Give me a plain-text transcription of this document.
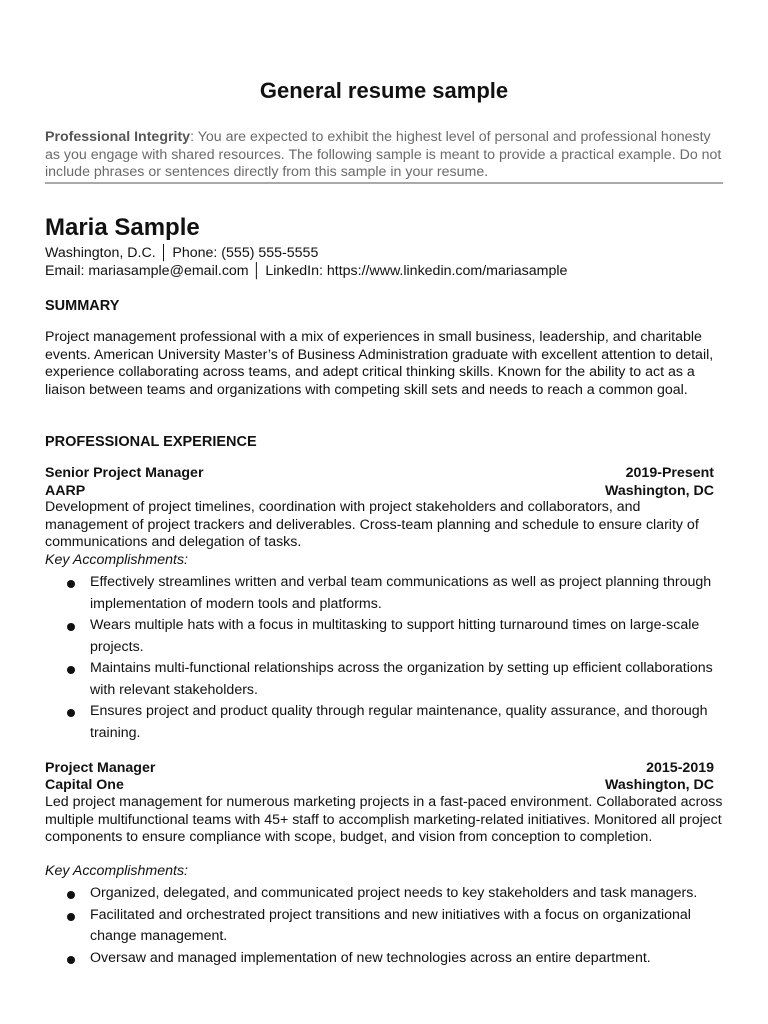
General resume sample
Professional Integrity: You are expected to exhibit the highest level of personal and professional honesty as you engage with shared resources. The following sample is meant to provide a practical example. Do not include phrases or sentences directly from this sample in your resume.
Maria Sample
Washington, D.C. │ Phone: (555) 555-5555
Email: mariasample@email.com │ LinkedIn: https://www.linkedin.com/mariasample
SUMMARY
Project management professional with a mix of experiences in small business, leadership, and charitable events. American University Master’s of Business Administration graduate with excellent attention to detail, experience collaborating across teams, and adept critical thinking skills. Known for the ability to act as a liaison between teams and organizations with competing skill sets and needs to reach a common goal.
PROFESSIONAL EXPERIENCE
Senior Project Manager	2019-Present
AARP	Washington, DC
Development of project timelines, coordination with project stakeholders and collaborators, and management of project trackers and deliverables. Cross-team planning and schedule to ensure clarity of communications and delegation of tasks.
Key Accomplishments:
Effectively streamlines written and verbal team communications as well as project planning through implementation of modern tools and platforms.
Wears multiple hats with a focus in multitasking to support hitting turnaround times on large-scale projects.
Maintains multi-functional relationships across the organization by setting up efficient collaborations with relevant stakeholders.
Ensures project and product quality through regular maintenance, quality assurance, and thorough training.
Project Manager	2015-2019
Capital One	Washington, DC
Led project management for numerous marketing projects in a fast-paced environment. Collaborated across multiple multifunctional teams with 45+ staff to accomplish marketing-related initiatives. Monitored all project components to ensure compliance with scope, budget, and vision from conception to completion.
Key Accomplishments:
Organized, delegated, and communicated project needs to key stakeholders and task managers.
Facilitated and orchestrated project transitions and new initiatives with a focus on organizational change management.
Oversaw and managed implementation of new technologies across an entire department.
